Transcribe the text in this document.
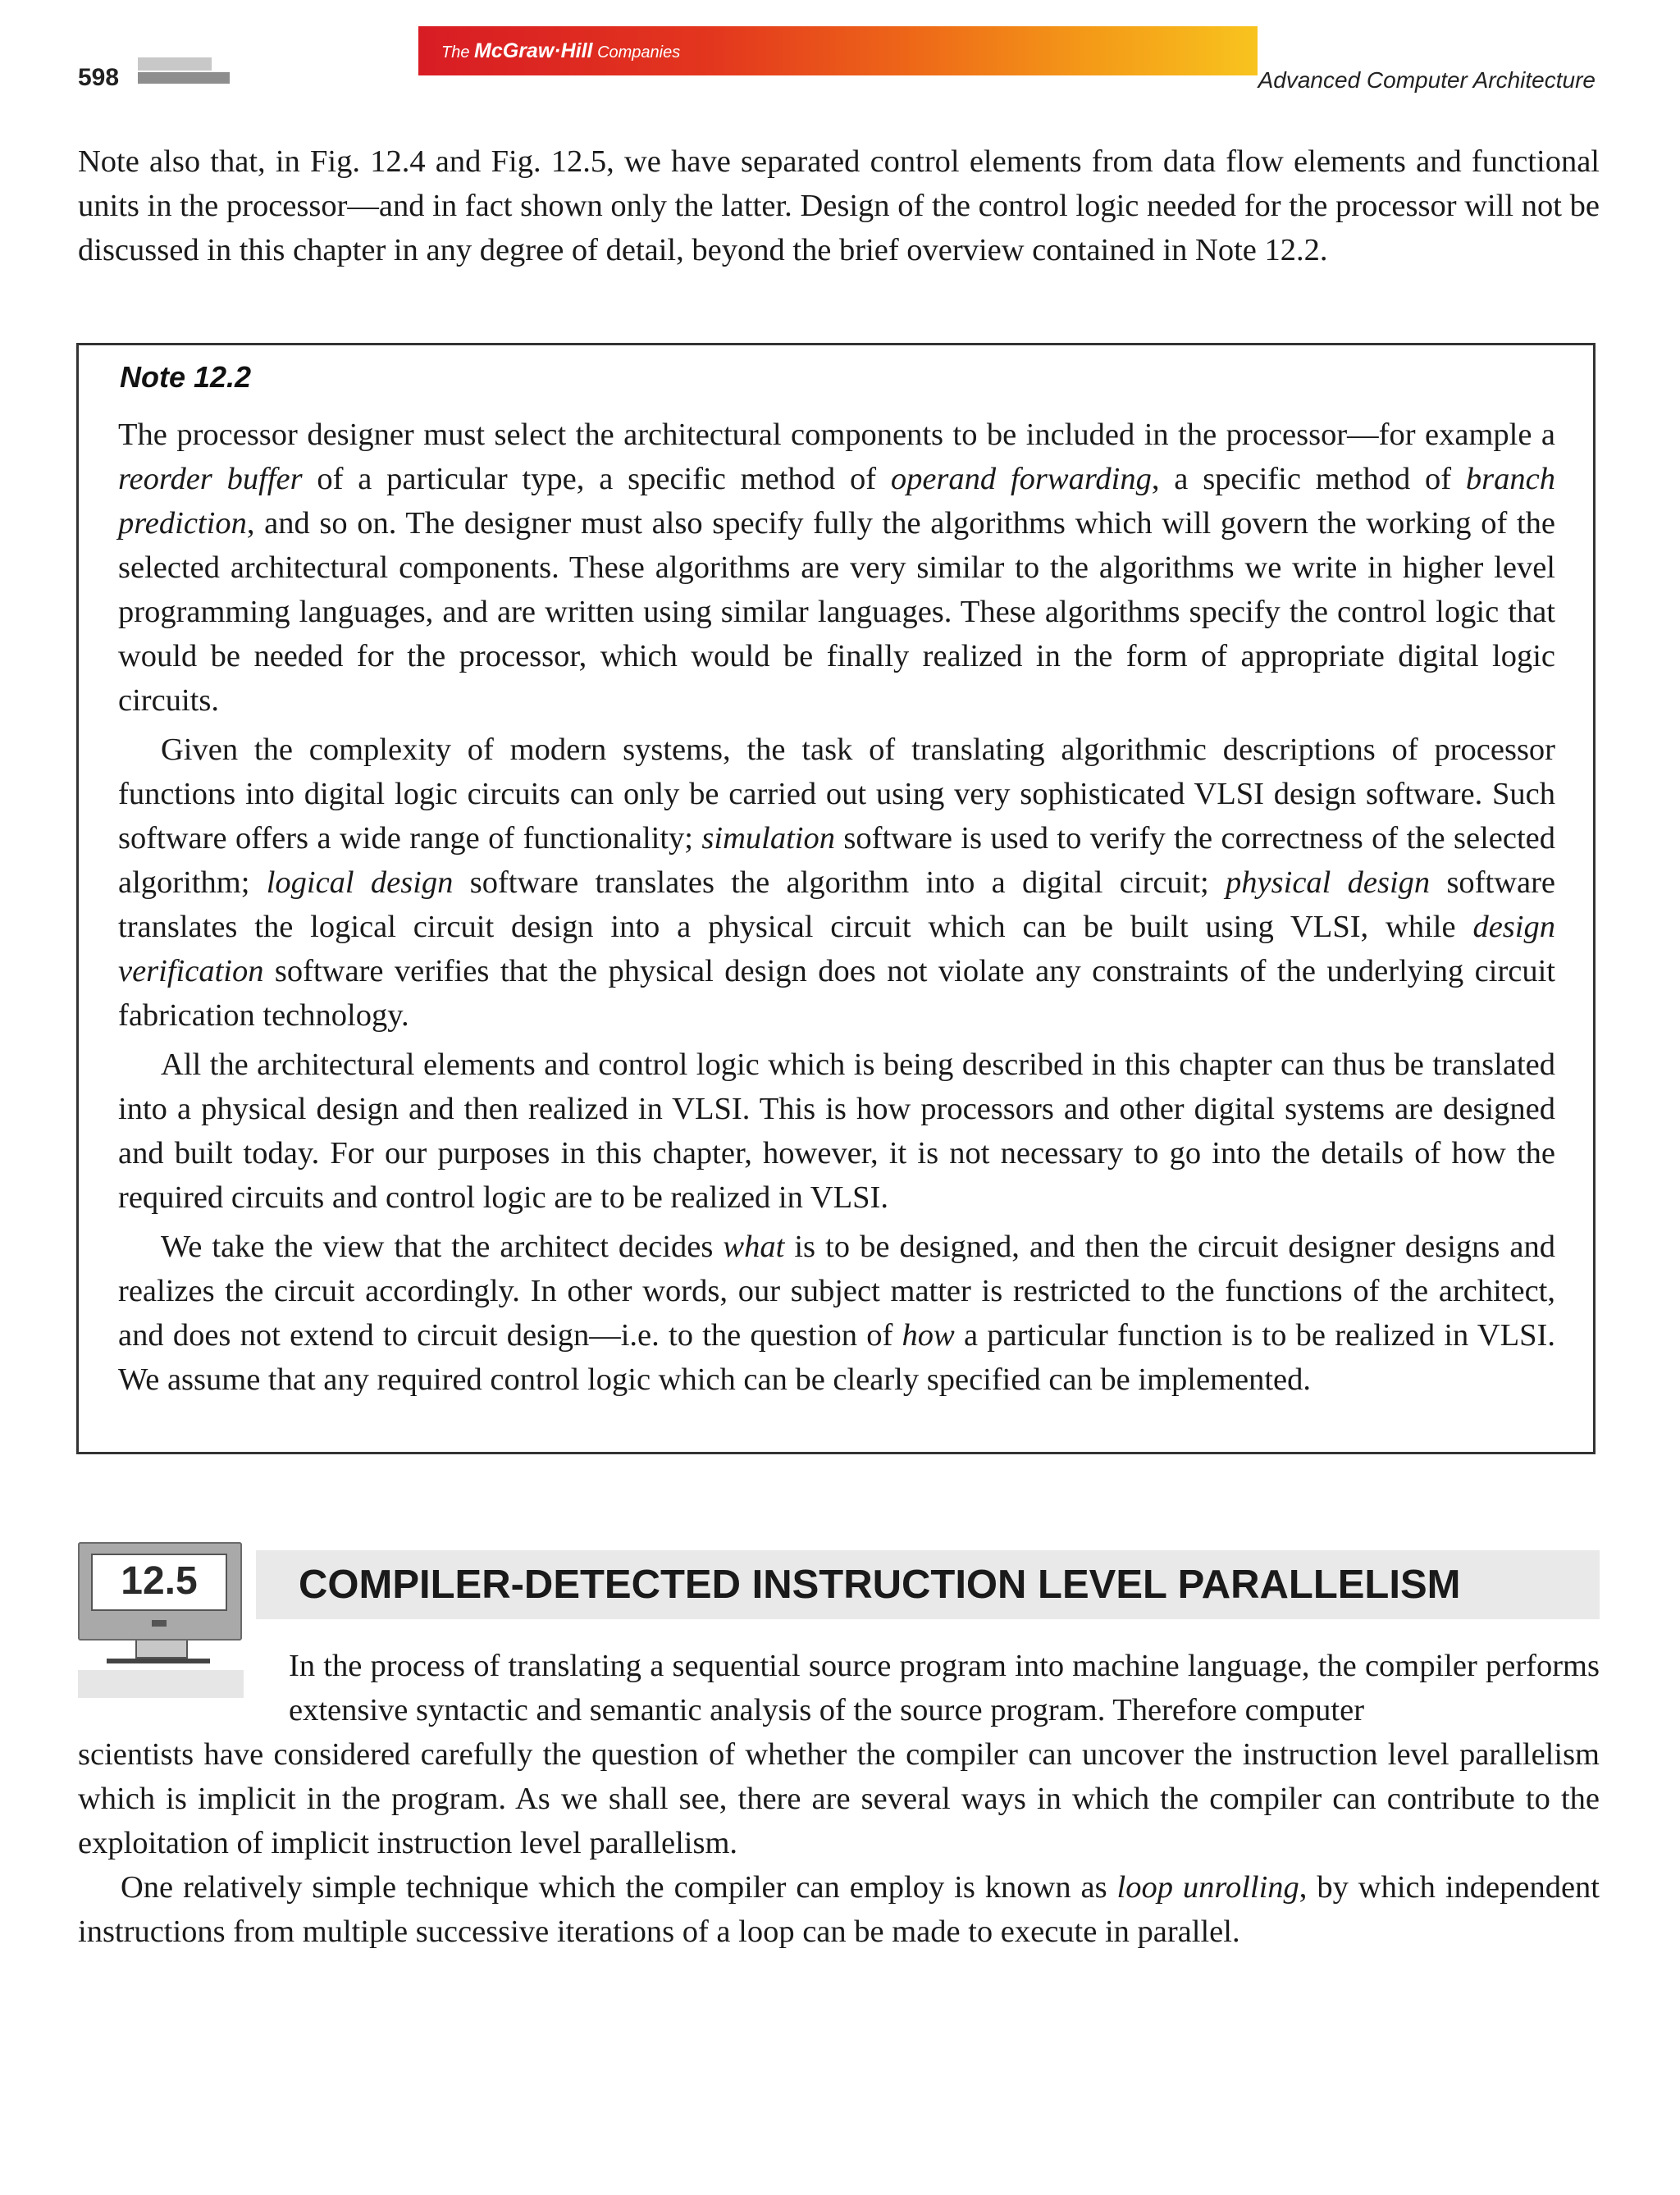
598
The McGraw·Hill Companies
Advanced Computer Architecture

Note also that, in Fig. 12.4 and Fig. 12.5, we have separated control elements from data flow elements and functional units in the processor—and in fact shown only the latter. Design of the control logic needed for the processor will not be discussed in this chapter in any degree of detail, beyond the brief overview contained in Note 12.2.

Note 12.2

The processor designer must select the architectural components to be included in the processor—for example a reorder buffer of a particular type, a specific method of operand forwarding, a specific method of branch prediction, and so on. The designer must also specify fully the algorithms which will govern the working of the selected architectural components. These algorithms are very similar to the algorithms we write in higher level programming languages, and are written using similar languages. These algorithms specify the control logic that would be needed for the processor, which would be finally realized in the form of appropriate digital logic circuits.

Given the complexity of modern systems, the task of translating algorithmic descriptions of processor functions into digital logic circuits can only be carried out using very sophisticated VLSI design software. Such software offers a wide range of functionality; simulation software is used to verify the correctness of the selected algorithm; logical design software translates the algorithm into a digital circuit; physical design software translates the logical circuit design into a physical circuit which can be built using VLSI, while design verification software verifies that the physical design does not violate any constraints of the underlying circuit fabrication technology.

All the architectural elements and control logic which is being described in this chapter can thus be translated into a physical design and then realized in VLSI. This is how processors and other digital systems are designed and built today. For our purposes in this chapter, however, it is not necessary to go into the details of how the required circuits and control logic are to be realized in VLSI.

We take the view that the architect decides what is to be designed, and then the circuit designer designs and realizes the circuit accordingly. In other words, our subject matter is restricted to the functions of the architect, and does not extend to circuit design—i.e. to the question of how a particular function is to be realized in VLSI. We assume that any required control logic which can be clearly specified can be implemented.

12.5	COMPILER-DETECTED INSTRUCTION LEVEL PARALLELISM

In the process of translating a sequential source program into machine language, the compiler performs extensive syntactic and semantic analysis of the source program. Therefore computer

scientists have considered carefully the question of whether the compiler can uncover the instruction level parallelism which is implicit in the program. As we shall see, there are several ways in which the compiler can contribute to the exploitation of implicit instruction level parallelism.

One relatively simple technique which the compiler can employ is known as loop unrolling, by which independent instructions from multiple successive iterations of a loop can be made to execute in parallel.
